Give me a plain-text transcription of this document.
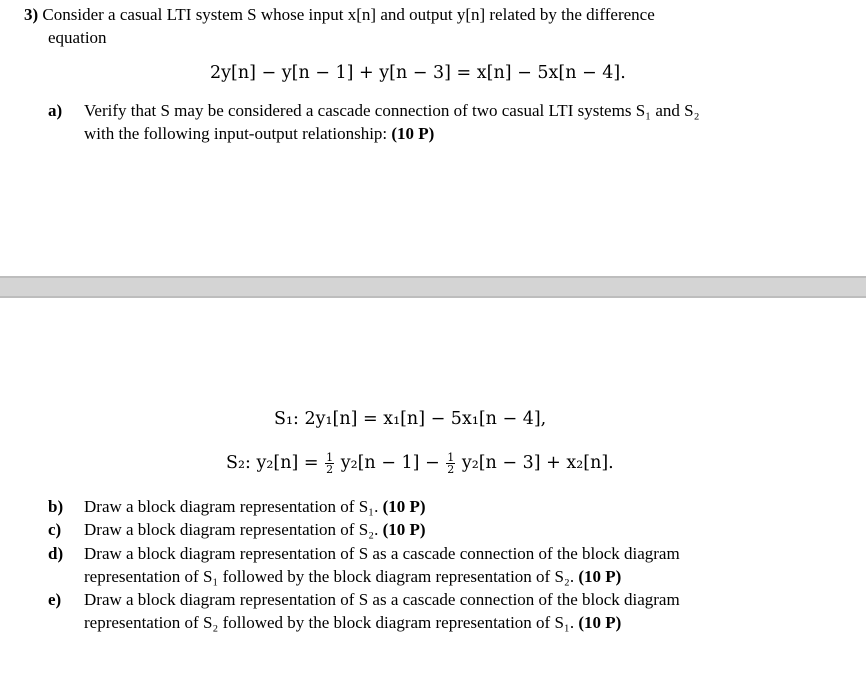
3) Consider a casual LTI system S whose input x[n] and output y[n] related by the difference
equation
2y[n] − y[n − 1] + y[n − 3] = x[n] − 5x[n − 4].
a) Verify that S may be considered a cascade connection of two casual LTI systems S₁ and S₂
with the following input-output relationship: (10 P)
S₁: 2y₁[n] = x₁[n] − 5x₁[n − 4],
S₂: $y_2[n] = \frac{1}{2} y_2[n - 1] - \frac{1}{2} y_2[n - 3] + x_2[n]$.
b) Draw a block diagram representation of S₁. (10 P)
c) Draw a block diagram representation of S₂. (10 P)
d) Draw a block diagram representation of S as a cascade connection of the block diagram
representation of S₁ followed by the block diagram representation of S₂. (10 P)
e) Draw a block diagram representation of S as a cascade connection of the block diagram
representation of S₂ followed by the block diagram representation of S₁. (10 P)
